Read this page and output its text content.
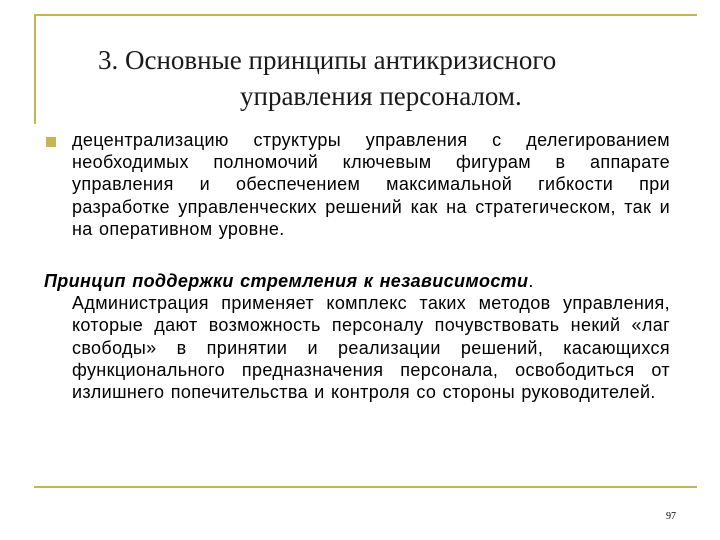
3. Основные принципы антикризисного
управления персоналом.
децентрализацию структуры управления с делегированием необходимых полномочий ключевым фигурам в аппарате управления и обеспечением максимальной гибкости при разработке управленческих решений как на стратегическом, так и на оперативном уровне.
Принцип поддержки стремления к независимости.
Администрация применяет комплекс таких методов управления, которые дают возможность персоналу почувствовать некий «лаг свободы» в принятии и реализации решений, касающихся функционального предназначения персонала, освободиться от излишнего попечительства и контроля со стороны руководителей.
97
